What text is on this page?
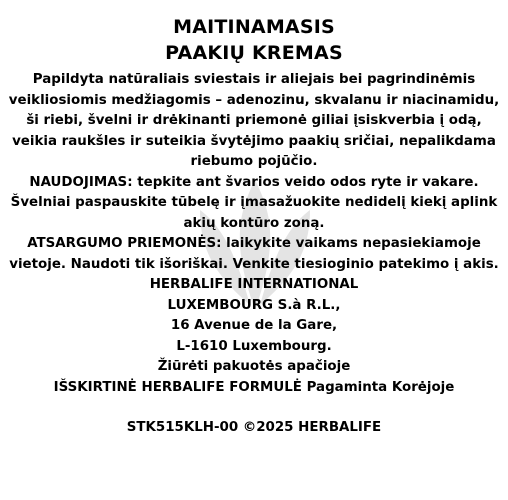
MAITINAMASIS
PAAKIŲ KREMAS

Papildyta natūraliais sviestais ir aliejais bei pagrindinėmis veikliosiomis medžiagomis – adenozinu, skvalanu ir niacinamidu, ši riebi, švelni ir drėkinanti priemonė giliai įsiskverbia į odą, veikia raukšles ir suteikia švytėjimo paakių sričiai, nepalikdama riebumo pojūčio.

NAUDOJIMAS: tepkite ant švarios veido odos ryte ir vakare. Švelniai paspauskite tūbelę ir įmasažuokite nedidelį kiekį aplink akių kontūro zoną.

ATSARGUMO PRIEMONĖS: laikykite vaikams nepasiekiamoje vietoje. Naudoti tik išoriškai. Venkite tiesioginio patekimo į akis.

HERBALIFE INTERNATIONAL

LUXEMBOURG S.à R.L.,

16 Avenue de la Gare,

L-1610 Luxembourg.

Žiūrėti pakuotės apačioje

IŠSKIRTINĖ HERBALIFE FORMULĖ Pagaminta Korėjoje

STK515KLH-00 ©2025 HERBALIFE
